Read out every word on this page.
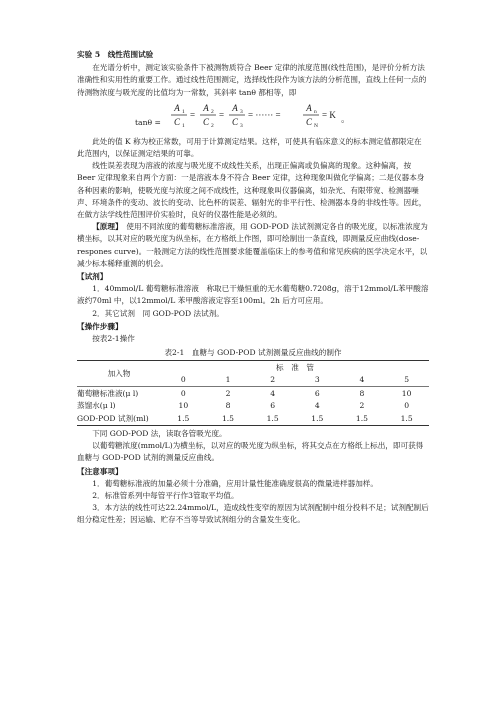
实验 5　线性范围试验

在光谱分析中，测定该实验条件下被测物质符合 Beer 定律的浓度范围(线性范围)，是评价分析方法准确性和实用性的重要工作。通过线性范围测定，选择线性段作为该方法的分析范围，直线上任何一点的待测物浓度与吸光度的比值均为一常数，其斜率 tanθ 都相等，即

tanθ =
A 1
C 1
=
A 2
C 2
=
A 3
C 3
= ······ =
A n
C N
= K 。

此处的值 K 称为校正常数，可用于计算测定结果。这样，可使具有临床意义的标本测定值都限定在此范围内，以保证测定结果的可靠。

线性误差表现为溶液的浓度与吸光度不成线性关系，出现正偏离或负偏离的现象。这种偏离，按 Beer 定律现象来自两个方面：一是溶液本身不符合 Beer 定律，这种现象叫做化学偏离；二是仪器本身各种因素的影响，使吸光度与浓度之间不成线性，这种现象叫仪器偏离，如杂光、有限带宽、检测器噪声、环境条件的变动、波长的变动、比色杯的误差、辐射光的非平行性、检测器本身的非线性等。因此，在做方法学线性范围评价实验时，良好的仪器性能是必须的。

【原理】　 使用不同浓度的葡萄糖标准溶液，用 GOD-POD 法试剂测定各自的吸光度，以标准浓度为横坐标，以其对应的吸光度为纵坐标，在方格纸上作图，即可绘制出一条直线，即测量反应曲线(dose-respones curve)。一般测定方法的线性范围要求能覆盖临床上的参考值和常见疾病的医学决定水平，以减少标本稀释重测的机会。

【试剂】

1．40mmol/L 葡萄糖标准溶液　称取已干燥恒重的无水葡萄糖0.7208g，溶于12mmol/L苯甲酸溶液约70ml 中，以12mmol/L 苯甲酸溶液定容至100ml。2h 后方可应用。

2．其它试剂　同 GOD-POD 法试剂。

【操作步骤】

按表2-1操作

表2-1　血糖与 GOD-POD 试剂测量反应曲线的制作

加入物	标　准　管					
	0	1	2	3	4	5
葡萄糖标准液(μ l)	0	2	4	6	8	10
蒸馏水(μ l)	10	8	6	4	2	0
GOD-POD 试剂(ml)	1.5	1.5	1.5	1.5	1.5	1.5

下同 GOD-POD 法，读取各管吸光度。

以葡萄糖浓度(mmol/L)为横坐标，以对应的吸光度为纵坐标，将其交点在方格纸上标出，即可获得血糖与 GOD-POD 试剂的测量反应曲线。

【注意事项】

1．葡萄糖标准液的加量必须十分准确，应用计量性能准确度很高的微量进样器加样。

2．标准管系列中每管平行作3管取平均值。

3．本方法的线性可达22.24mmol/L，造成线性变窄的原因为试剂配制中组分投料不足；试剂配制后组分稳定性差；因运输、贮存不当等导致试剂组分的含量发生变化。
